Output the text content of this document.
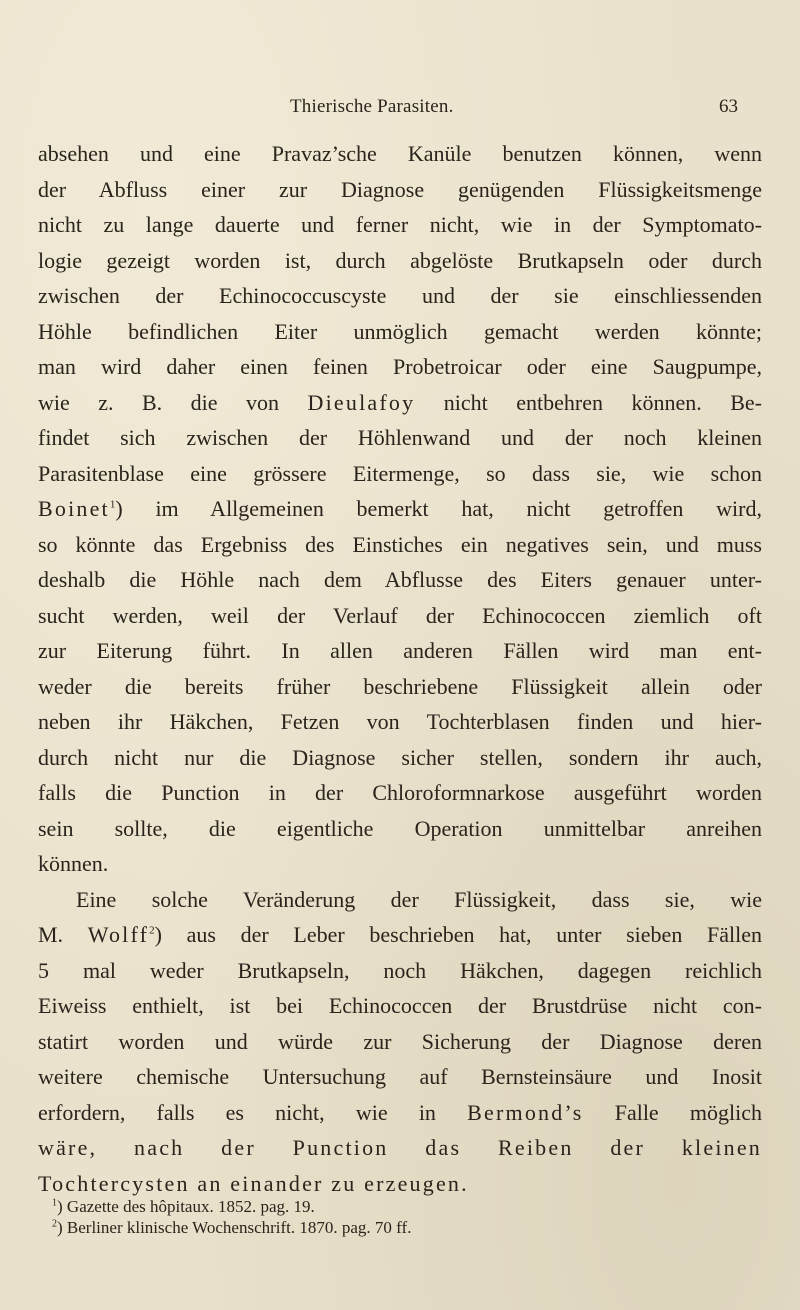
Thierische Parasiten.	63
absehen und eine Pravaz’sche Kanüle benutzen können, wenn
der Abfluss einer zur Diagnose genügenden Flüssigkeitsmenge
nicht zu lange dauerte und ferner nicht, wie in der Symptomato-
logie gezeigt worden ist, durch abgelöste Brutkapseln oder durch
zwischen der Echinococcuscyste und der sie einschliessenden
Höhle befindlichen Eiter unmöglich gemacht werden könnte;
man wird daher einen feinen Probetroicar oder eine Saugpumpe,
wie z. B. die von Dieulafoy nicht entbehren können. Be-
findet sich zwischen der Höhlenwand und der noch kleinen
Parasitenblase eine grössere Eitermenge, so dass sie, wie schon
Boinet$^1$) im Allgemeinen bemerkt hat, nicht getroffen wird,
so könnte das Ergebniss des Einstiches ein negatives sein, und muss
deshalb die Höhle nach dem Abflusse des Eiters genauer unter-
sucht werden, weil der Verlauf der Echinococcen ziemlich oft
zur Eiterung führt. In allen anderen Fällen wird man ent-
weder die bereits früher beschriebene Flüssigkeit allein oder
neben ihr Häkchen, Fetzen von Tochterblasen finden und hier-
durch nicht nur die Diagnose sicher stellen, sondern ihr auch,
falls die Punction in der Chloroformnarkose ausgeführt worden
sein sollte, die eigentliche Operation unmittelbar anreihen
können.
Eine solche Veränderung der Flüssigkeit, dass sie, wie
M. Wolff$^2$) aus der Leber beschrieben hat, unter sieben Fällen
5 mal weder Brutkapseln, noch Häkchen, dagegen reichlich
Eiweiss enthielt, ist bei Echinococcen der Brustdrüse nicht con-
statirt worden und würde zur Sicherung der Diagnose deren
weitere chemische Untersuchung auf Bernsteinsäure und Inosit
erfordern, falls es nicht, wie in Bermond’s Falle möglich
wäre, nach der Punction das Reiben der kleinen
Tochtercysten an einander zu erzeugen.
$^1$) Gazette des hôpitaux. 1852. pag. 19.
$^2$) Berliner klinische Wochenschrift. 1870. pag. 70 ff.
